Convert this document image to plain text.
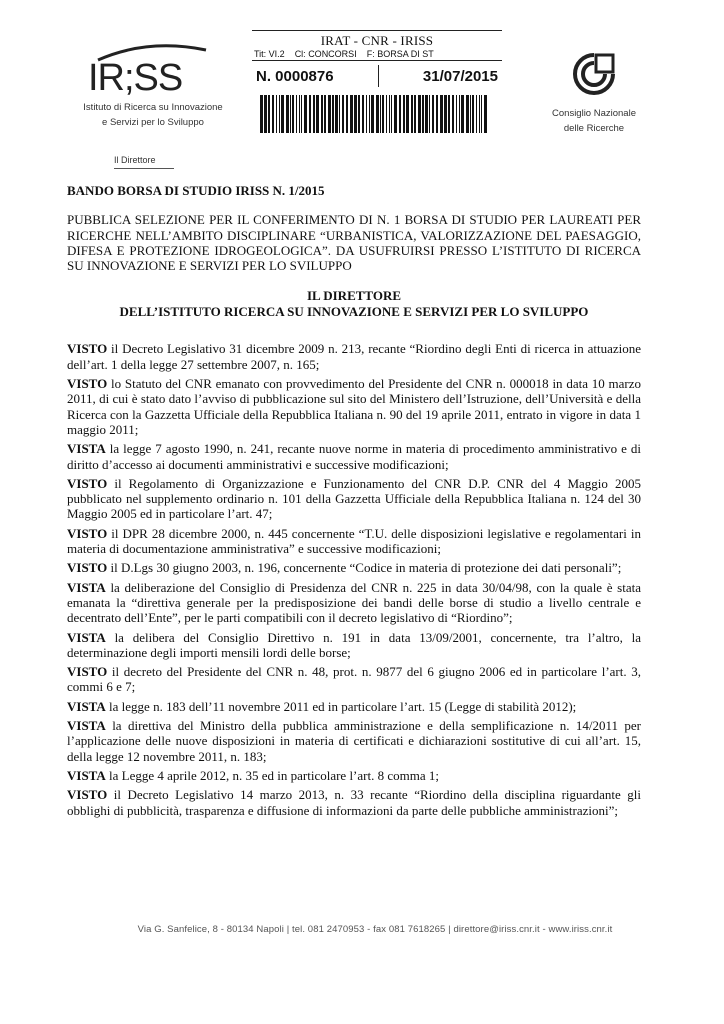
IR;SS
Istituto di Ricerca su Innovazione
e Servizi per lo Sviluppo
Il Direttore
IRAT - CNR - IRISS
Tit: VI.2 Cl: CONCORSI F: BORSA DI ST
N. 0000876	31/07/2015
Consiglio Nazionale
delle Ricerche
BANDO BORSA DI STUDIO IRISS N. 1/2015
PUBBLICA SELEZIONE PER IL CONFERIMENTO DI N. 1 BORSA DI STUDIO PER LAUREATI PER RICERCHE NELL’AMBITO DISCIPLINARE “URBANISTICA, VALORIZZAZIONE DEL PAESAGGIO, DIFESA E PROTEZIONE IDROGEOLOGICA”. DA USUFRUIRSI PRESSO L’ISTITUTO DI RICERCA SU INNOVAZIONE E SERVIZI PER LO SVILUPPO
IL DIRETTORE
DELL’ISTITUTO RICERCA SU INNOVAZIONE E SERVIZI PER LO SVILUPPO
VISTO il Decreto Legislativo 31 dicembre 2009 n. 213, recante “Riordino degli Enti di ricerca in attuazione dell’art. 1 della legge 27 settembre 2007, n. 165;
VISTO lo Statuto del CNR emanato con provvedimento del Presidente del CNR n. 000018 in data 10 marzo 2011, di cui è stato dato l’avviso di pubblicazione sul sito del Ministero dell’Istruzione, dell’Università e della Ricerca con la Gazzetta Ufficiale della Repubblica Italiana n. 90 del 19 aprile 2011, entrato in vigore in data 1 maggio 2011;
VISTA la legge 7 agosto 1990, n. 241, recante nuove norme in materia di procedimento amministrativo e di diritto d’accesso ai documenti amministrativi e successive modificazioni;
VISTO il Regolamento di Organizzazione e Funzionamento del CNR D.P. CNR del 4 Maggio 2005 pubblicato nel supplemento ordinario n. 101 della Gazzetta Ufficiale della Repubblica Italiana n. 124 del 30 Maggio 2005 ed in particolare l’art. 47;
VISTO il DPR 28 dicembre 2000, n. 445 concernente “T.U. delle disposizioni legislative e regolamentari in materia di documentazione amministrativa” e successive modificazioni;
VISTO il D.Lgs 30 giugno 2003, n. 196, concernente “Codice in materia di protezione dei dati personali”;
VISTA la deliberazione del Consiglio di Presidenza del CNR n. 225 in data 30/04/98, con la quale è stata emanata la “direttiva generale per la predisposizione dei bandi delle borse di studio a livello centrale e decentrato dell’Ente”, per le parti compatibili con il decreto legislativo di “Riordino”;
VISTA la delibera del Consiglio Direttivo n. 191 in data 13/09/2001, concernente, tra l’altro, la determinazione degli importi mensili lordi delle borse;
VISTO il decreto del Presidente del CNR n. 48, prot. n. 9877 del 6 giugno 2006 ed in particolare l’art. 3, commi 6 e 7;
VISTA la legge n. 183 dell’11 novembre 2011 ed in particolare l’art. 15 (Legge di stabilità 2012);
VISTA la direttiva del Ministro della pubblica amministrazione e della semplificazione n. 14/2011 per l’applicazione delle nuove disposizioni in materia di certificati e dichiarazioni sostitutive di cui all’art. 15, della legge 12 novembre 2011, n. 183;
VISTA la Legge 4 aprile 2012, n. 35 ed in particolare l’art. 8 comma 1;
VISTO il Decreto Legislativo 14 marzo 2013, n. 33 recante “Riordino della disciplina riguardante gli obblighi di pubblicità, trasparenza e diffusione di informazioni da parte delle pubbliche amministrazioni”;
Via G. Sanfelice, 8 - 80134 Napoli | tel. 081 2470953 - fax 081 7618265 | direttore@iriss.cnr.it - www.iriss.cnr.it
